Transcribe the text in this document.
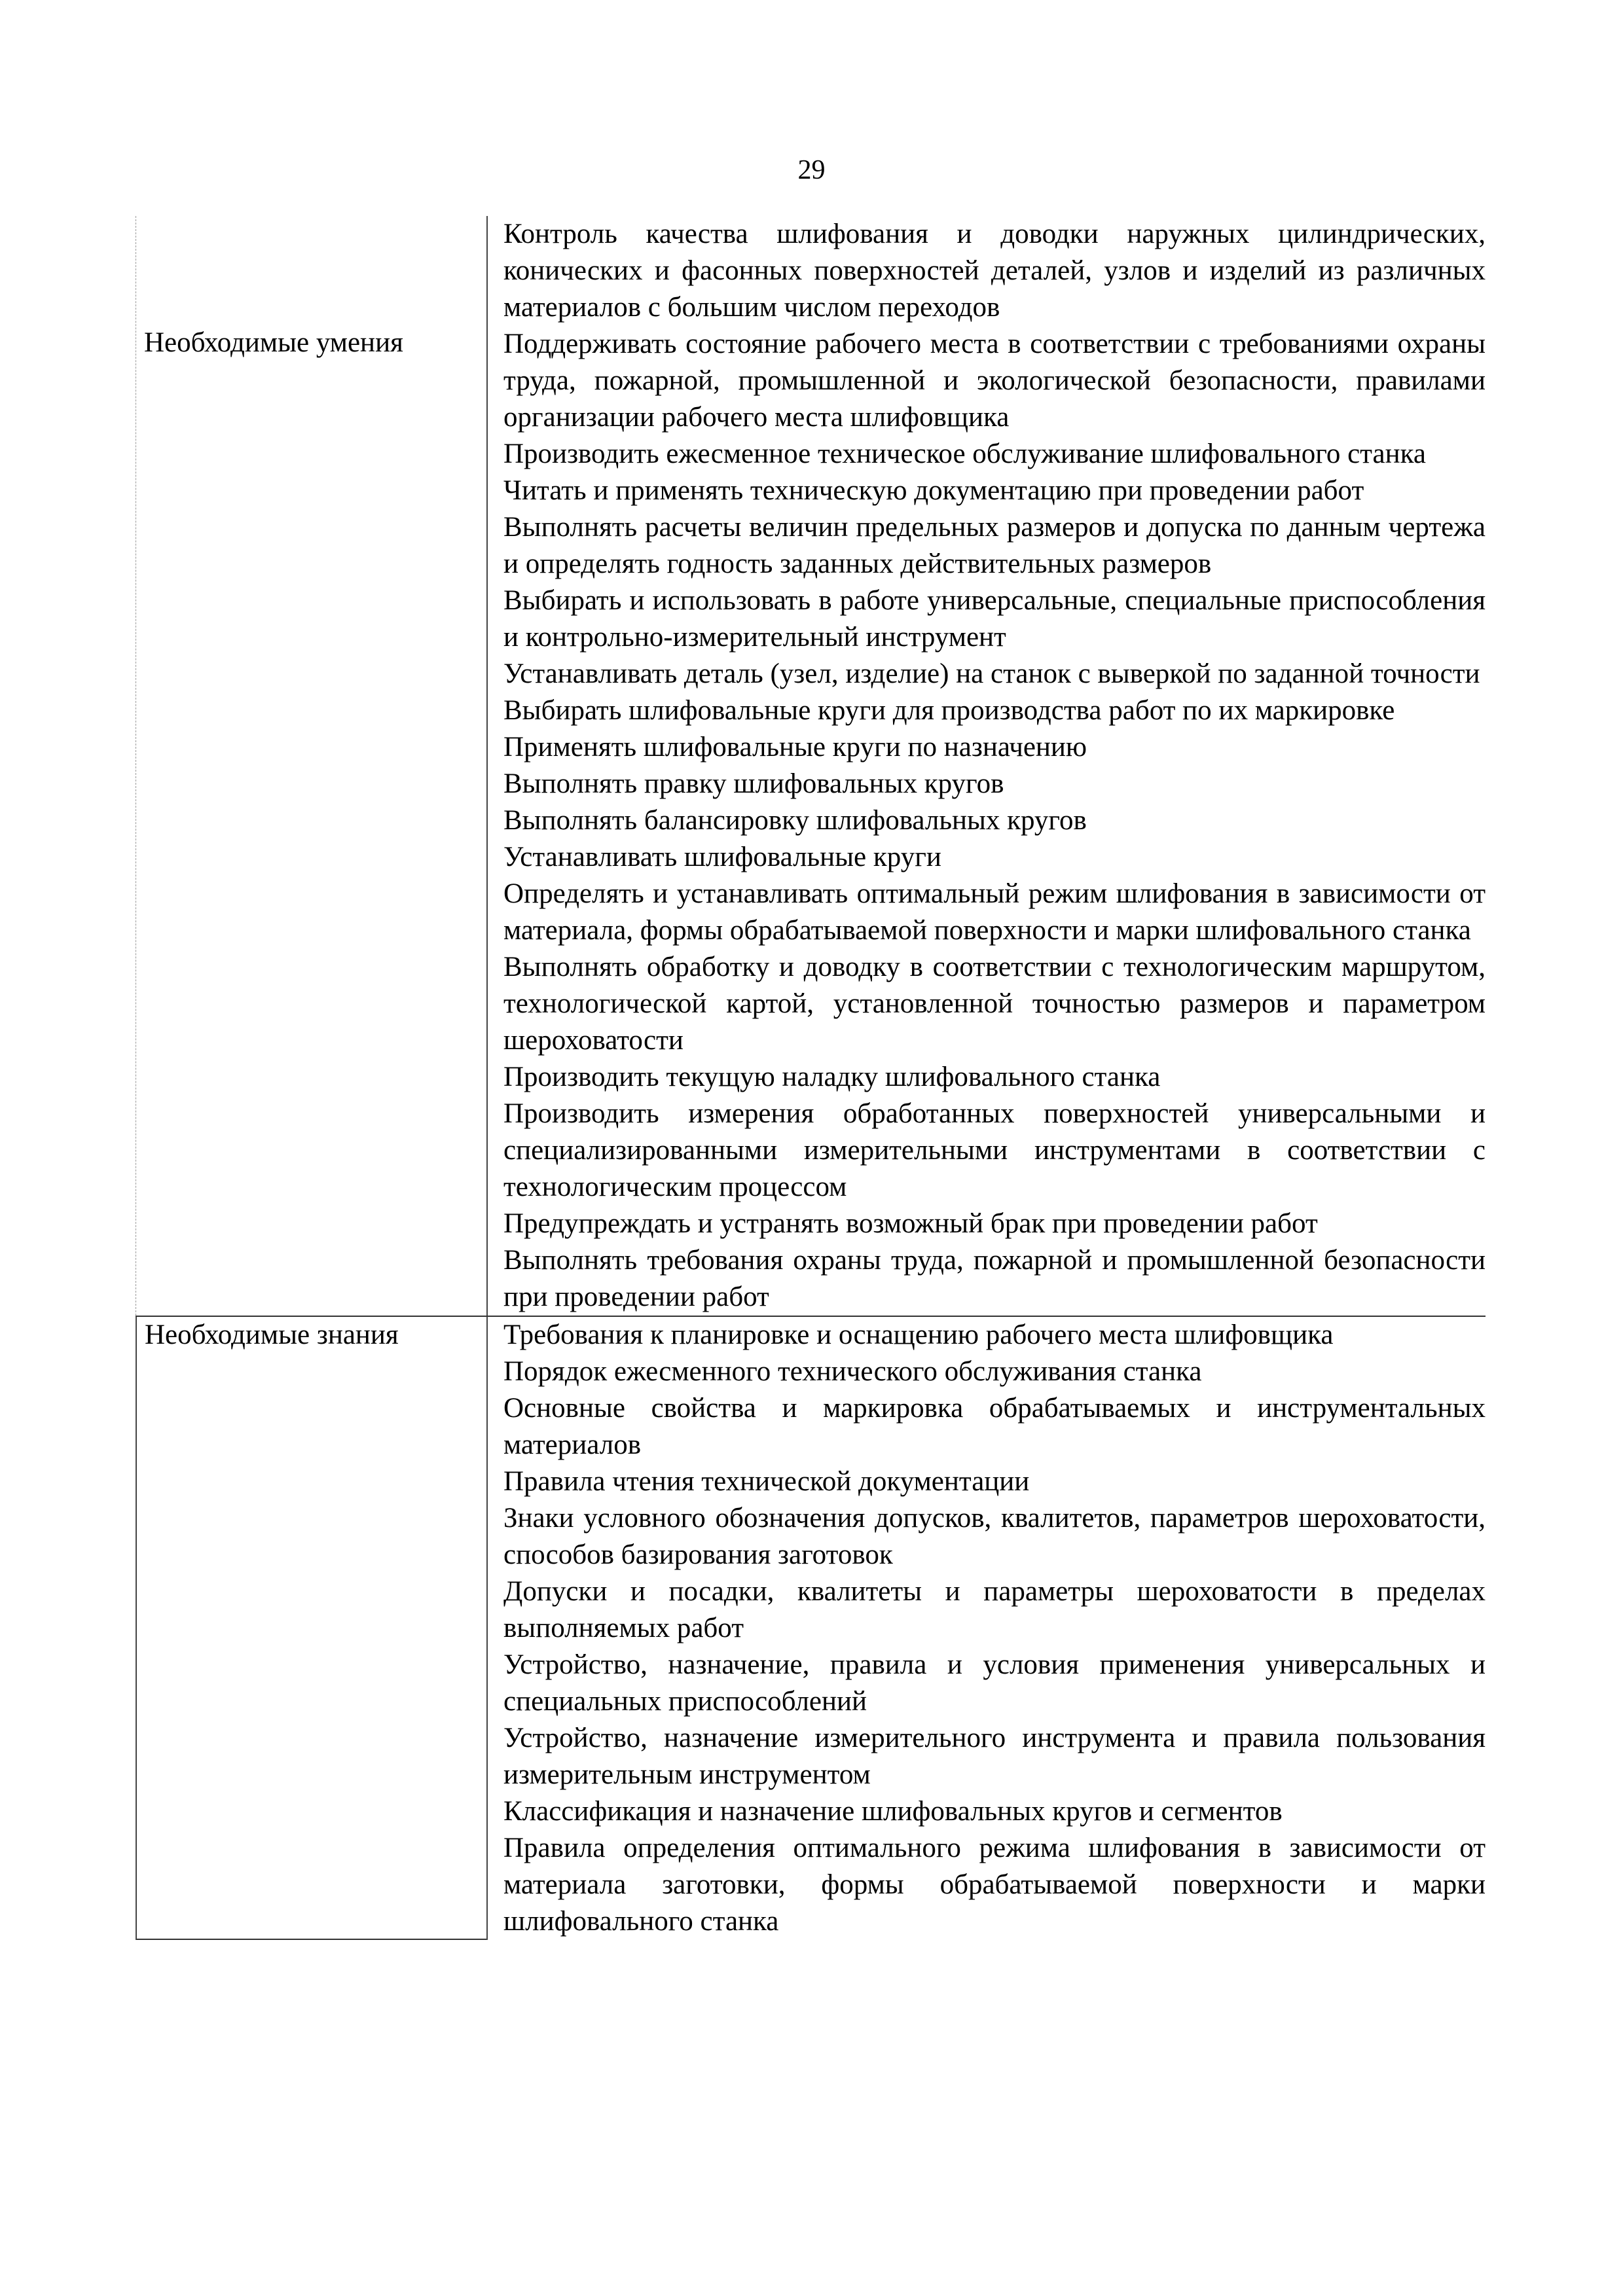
29
Необходимые умения

Контроль качества шлифования и доводки наружных цилиндрических, конических и фасонных поверхностей деталей, узлов и изделий из различных материалов с большим числом переходов

Поддерживать состояние рабочего места в соответствии с требованиями охраны труда, пожарной, промышленной и экологической безопасности, правилами организации рабочего места шлифовщика

Производить ежесменное техническое обслуживание шлифовального станка

Читать и применять техническую документацию при проведении работ

Выполнять расчеты величин предельных размеров и допуска по данным чертежа и определять годность заданных действительных размеров

Выбирать и использовать в работе универсальные, специальные приспособления и контрольно-измерительный инструмент

Устанавливать деталь (узел, изделие) на станок с выверкой по заданной точности

Выбирать шлифовальные круги для производства работ по их маркировке

Применять шлифовальные круги по назначению

Выполнять правку шлифовальных кругов

Выполнять балансировку шлифовальных кругов

Устанавливать шлифовальные круги

Определять и устанавливать оптимальный режим шлифования в зависимости от материала, формы обрабатываемой поверхности и марки шлифовального станка

Выполнять обработку и доводку в соответствии с технологическим маршрутом, технологической картой, установленной точностью размеров и параметром шероховатости

Производить текущую наладку шлифовального станка

Производить измерения обработанных поверхностей универсальными и специализированными измерительными инструментами в соответствии с технологическим процессом

Предупреждать и устранять возможный брак при проведении работ

Выполнять требования охраны труда, пожарной и промышленной безопасности при проведении работ

Необходимые знания	Требования к планировке и оснащению рабочего места шлифовщика

Порядок ежесменного технического обслуживания станка

Основные свойства и маркировка обрабатываемых и инструментальных материалов

Правила чтения технической документации

Знаки условного обозначения допусков, квалитетов, параметров шероховатости, способов базирования заготовок

Допуски и посадки, квалитеты и параметры шероховатости в пределах выполняемых работ

Устройство, назначение, правила и условия применения универсальных и специальных приспособлений

Устройство, назначение измерительного инструмента и правила пользования измерительным инструментом

Классификация и назначение шлифовальных кругов и сегментов

Правила определения оптимального режима шлифования в зависимости от материала заготовки, формы обрабатываемой поверхности и марки шлифовального станка
